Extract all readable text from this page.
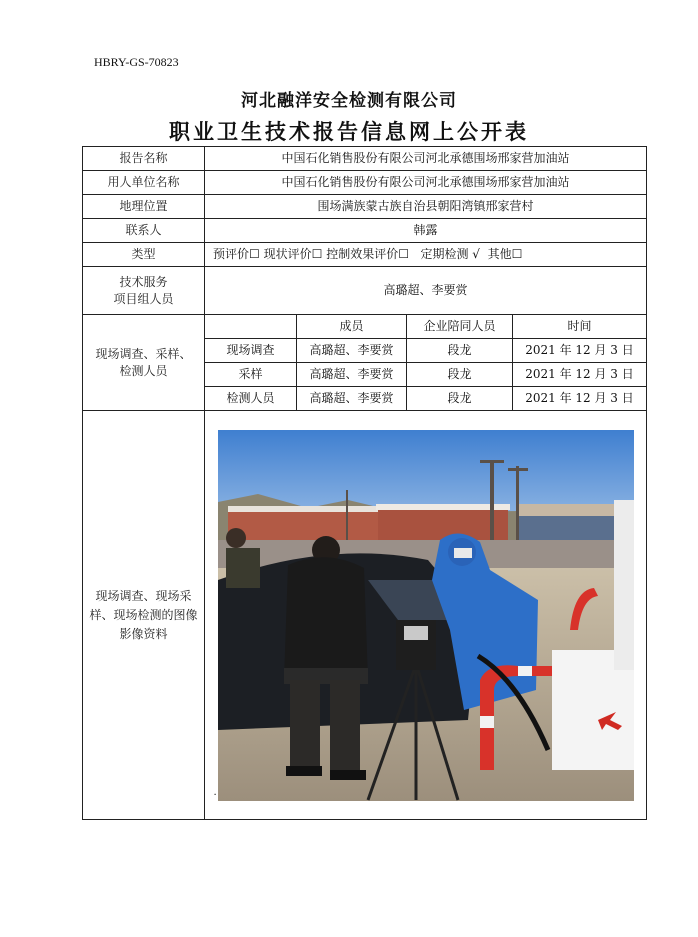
HBRY-GS-70823
河北融洋安全检测有限公司
职业卫生技术报告信息网上公开表
报告名称	中国石化销售股份有限公司河北承德围场邢家营加油站			
用人单位名称	中国石化销售股份有限公司河北承德围场邢家营加油站			
地理位置	围场满族蒙古族自治县朝阳湾镇邢家营村			
联系人	韩露			
类型	预评价☐ 现状评价☐ 控制效果评价☐ 定期检测 √ 其他☐			
技术服务
项目组人员	高璐超、李要赏			
现场调查、采样、
检测人员		成员	企业陪同人员	时间
	现场调查	高璐超、李要赏	段龙	2021 年 12 月 3 日
	采样	高璐超、李要赏	段龙	2021 年 12 月 3 日
	检测人员	高璐超、李要赏	段龙	2021 年 12 月 3 日
现场调查、现场采样、现场检测的图像影像资料	.			
